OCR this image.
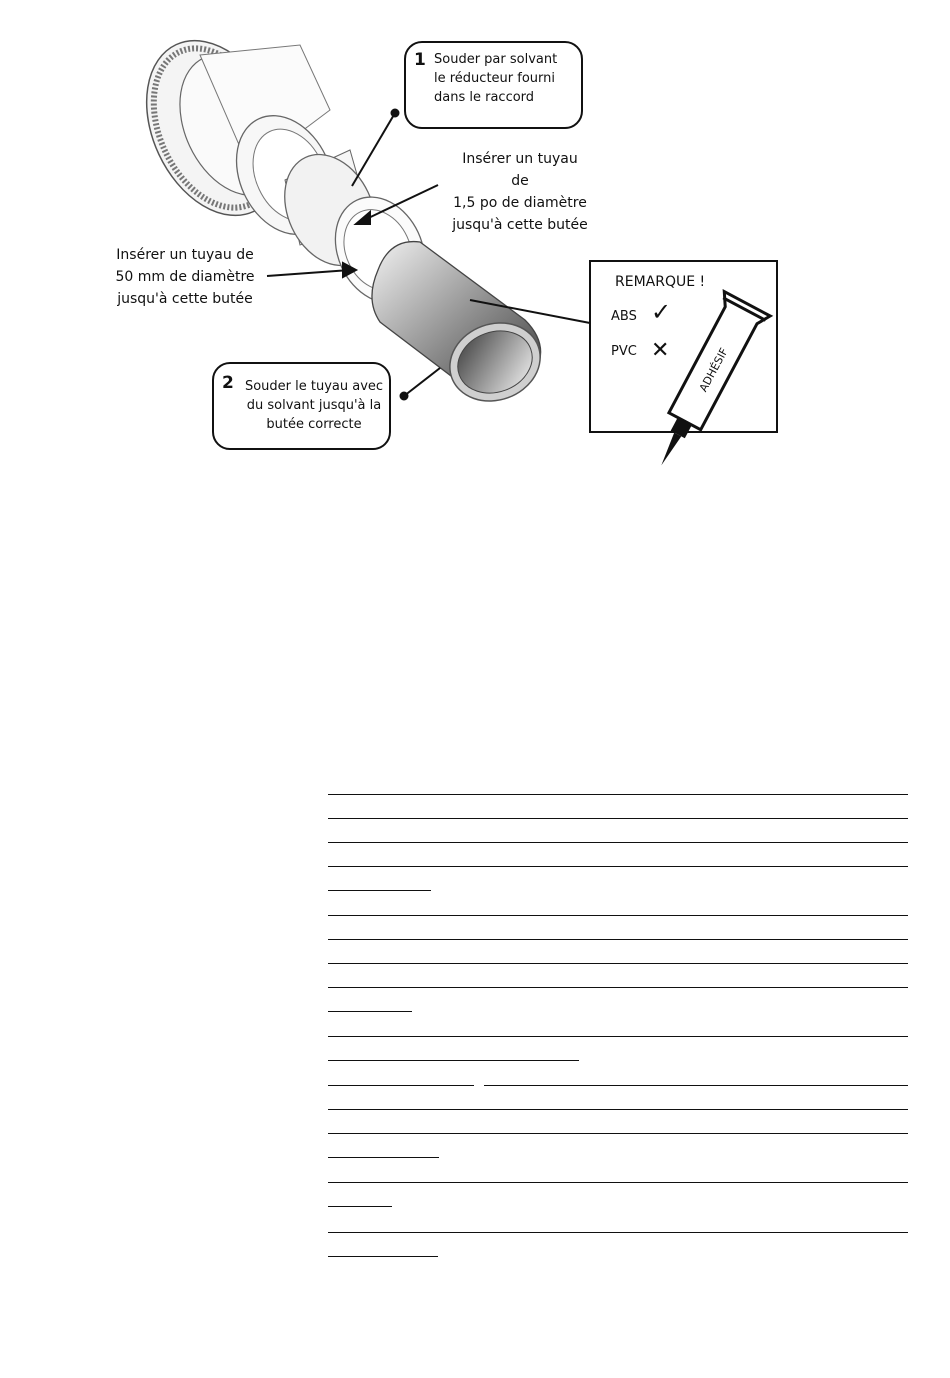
ADHÉSIF
1 Souder par solvant
le réducteur fourni
dans le raccord
2 Souder le tuyau avec
du solvant jusqu'à la
butée correcte
Insérer un tuyau de
1,5 po de diamètre
jusqu'à cette butée
Insérer un tuyau de
50 mm de diamètre
jusqu'à cette butée
REMARQUE !
ABS ✓
PVC ✕
